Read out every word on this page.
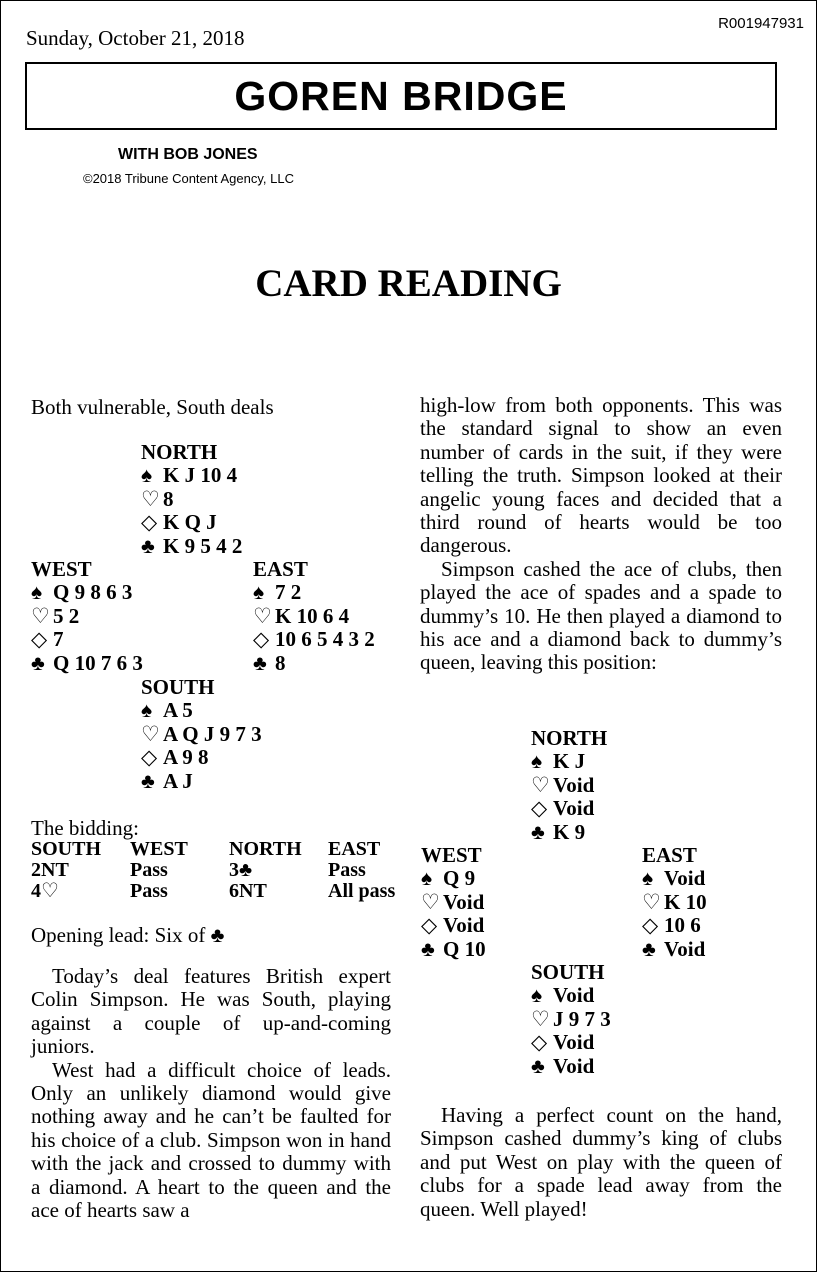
Sunday, October 21, 2018
R001947931
GOREN BRIDGE
WITH BOB JONES
©2018 Tribune Content Agency, LLC
CARD READING
Both vulnerable, South deals
NORTH
♠ K J 10 4
♡ 8
◇ K Q J
♣ K 9 5 4 2
WEST
♠ Q 9 8 6 3
♡ 5 2
◇ 7
♣ Q 10 7 6 3
EAST
♠ 7 2
♡ K 10 6 4
◇ 10 6 5 4 3 2
♣ 8
SOUTH
♠ A 5
♡ A Q J 9 7 3
◇ A 9 8
♣ A J
The bidding:
SOUTH	WEST	NORTH	EAST
2NT	Pass	3♣	Pass
4♡	Pass	6NT	All pass
Opening lead: Six of ♣

Today’s deal features British expert Colin Simpson. He was South, playing against a couple of up-and-coming juniors.

West had a difficult choice of leads. Only an unlikely diamond would give nothing away and he can’t be faulted for his choice of a club. Simpson won in hand with the jack and crossed to dummy with a diamond. A heart to the queen and the ace of hearts saw a

high-low from both opponents. This was the standard signal to show an even number of cards in the suit, if they were telling the truth. Simpson looked at their angelic young faces and decided that a third round of hearts would be too dangerous.

Simpson cashed the ace of clubs, then played the ace of spades and a spade to dummy’s 10. He then played a diamond to his ace and a diamond back to dummy’s queen, leaving this position:

NORTH
♠ K J
♡ Void
◇ Void
♣ K 9
WEST
♠ Q 9
♡ Void
◇ Void
♣ Q 10
EAST
♠ Void
♡ K 10
◇ 10 6
♣ Void
SOUTH
♠ Void
♡ J 9 7 3
◇ Void
♣ Void

Having a perfect count on the hand, Simpson cashed dummy’s king of clubs and put West on play with the queen of clubs for a spade lead away from the queen. Well played!
